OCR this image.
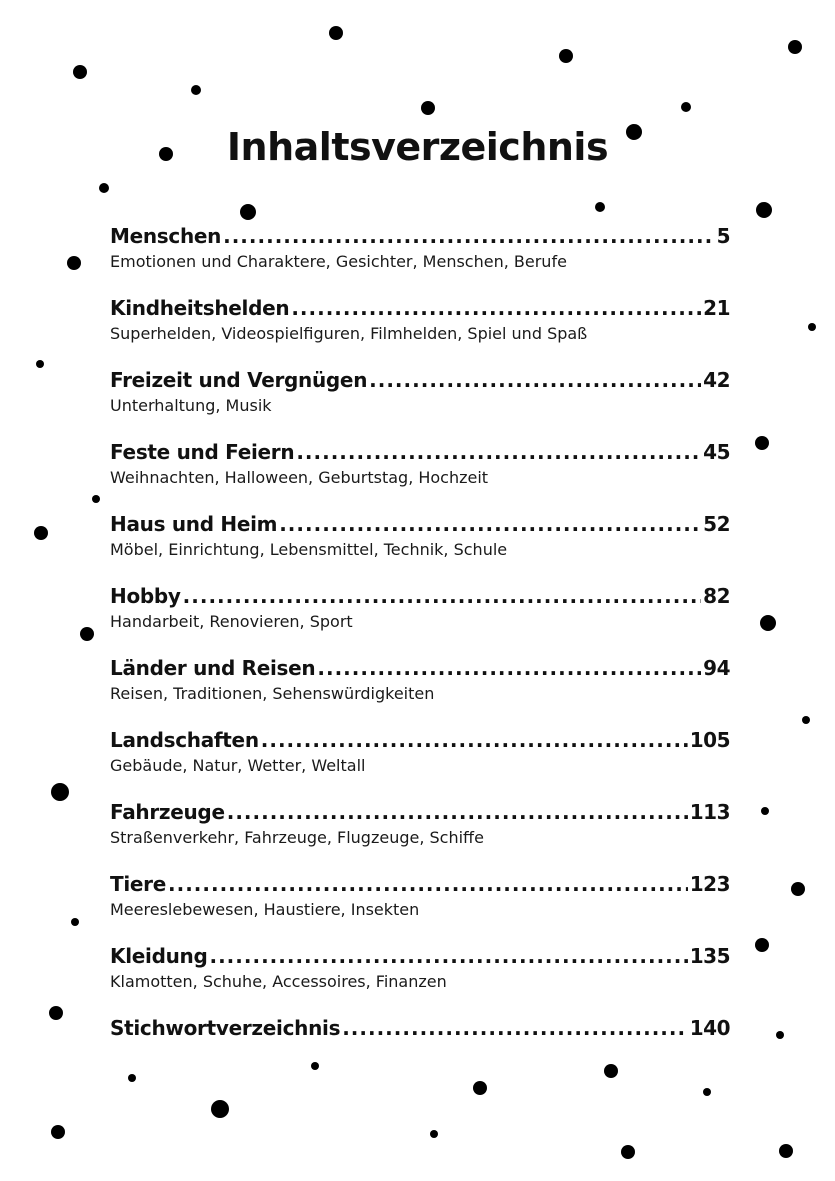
Inhaltsverzeichnis
Menschen .....	5
Emotionen und Charaktere, Gesichter, Menschen, Berufe
Kindheitshelden .....	21
Superhelden, Videospielfiguren, Filmhelden, Spiel und Spaß
Freizeit und Vergnügen .....	42
Unterhaltung, Musik
Feste und Feiern .....	45
Weihnachten, Halloween, Geburtstag, Hochzeit
Haus und Heim .....	52
Möbel, Einrichtung, Lebensmittel, Technik, Schule
Hobby .....	82
Handarbeit, Renovieren, Sport
Länder und Reisen .....	94
Reisen, Traditionen, Sehenswürdigkeiten
Landschaften .....	105
Gebäude, Natur, Wetter, Weltall
Fahrzeuge .....	113
Straßenverkehr, Fahrzeuge, Flugzeuge, Schiffe
Tiere .....	123
Meereslebewesen, Haustiere, Insekten
Kleidung .....	135
Klamotten, Schuhe, Accessoires, Finanzen
Stichwortverzeichnis .....	140
